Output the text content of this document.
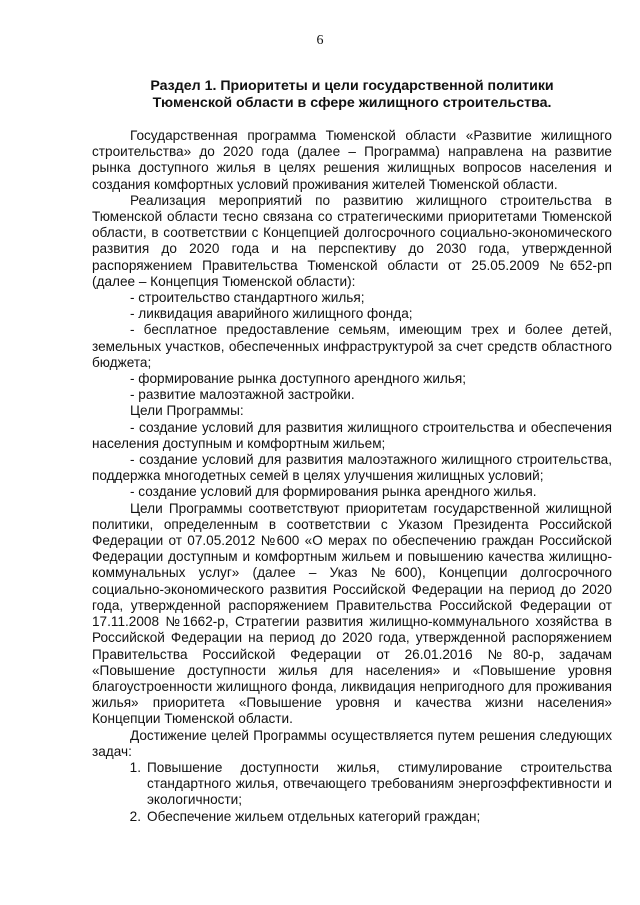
6
Раздел 1. Приоритеты и цели государственной политики
Тюменской области в сфере жилищного строительства.

Государственная программа Тюменской области «Развитие жилищного строительства» до 2020 года (далее – Программа) направлена на развитие рынка доступного жилья в целях решения жилищных вопросов населения и создания комфортных условий проживания жителей Тюменской области.

Реализация мероприятий по развитию жилищного строительства в Тюменской области тесно связана со стратегическими приоритетами Тюменской области, в соответствии с Концепцией долгосрочного социально-экономического развития до 2020 года и на перспективу до 2030 года, утвержденной распоряжением Правительства Тюменской области от 25.05.2009 №652-рп (далее – Концепция Тюменской области):

- строительство стандартного жилья;

- ликвидация аварийного жилищного фонда;

- бесплатное предоставление семьям, имеющим трех и более детей, земельных участков, обеспеченных инфраструктурой за счет средств областного бюджета;

- формирование рынка доступного арендного жилья;

- развитие малоэтажной застройки.

Цели Программы:

- создание условий для развития жилищного строительства и обеспечения населения доступным и комфортным жильем;

- создание условий для развития малоэтажного жилищного строительства, поддержка многодетных семей в целях улучшения жилищных условий;

- создание условий для формирования рынка арендного жилья.

Цели Программы соответствуют приоритетам государственной жилищной политики, определенным в соответствии с Указом Президента Российской Федерации от 07.05.2012 №600 «О мерах по обеспечению граждан Российской Федерации доступным и комфортным жильем и повышению качества жилищно-коммунальных услуг» (далее – Указ №600), Концепции долгосрочного социально-экономического развития Российской Федерации на период до 2020 года, утвержденной распоряжением Правительства Российской Федерации от 17.11.2008 №1662-р, Стратегии развития жилищно-коммунального хозяйства в Российской Федерации на период до 2020 года, утвержденной распоряжением Правительства Российской Федерации от 26.01.2016 №80-р, задачам «Повышение доступности жилья для населения» и «Повышение уровня благоустроенности жилищного фонда, ликвидация непригодного для проживания жилья» приоритета «Повышение уровня и качества жизни населения» Концепции Тюменской области.

Достижение целей Программы осуществляется путем решения следующих задач:

1. Повышение доступности жилья, стимулирование строительства стандартного жилья, отвечающего требованиям энергоэффективности и экологичности;
2. Обеспечение жильем отдельных категорий граждан;
